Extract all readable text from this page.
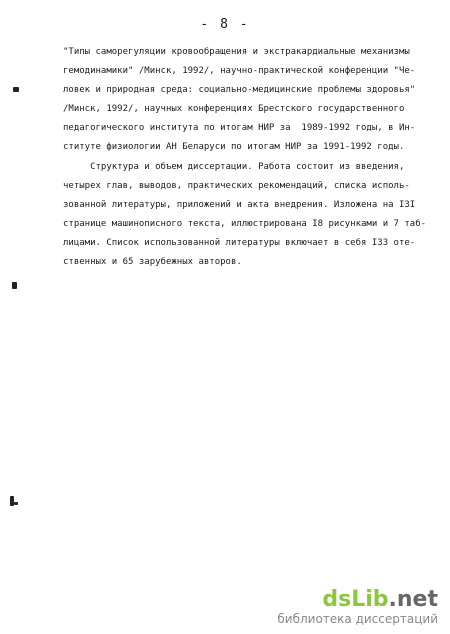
- 8 -
"Типы саморегуляции кровообращения и экстракардиальные механизмы
гемодинамики" /Минск, 1992/, научно-практической конференции "Че-
ловек и природная среда: социально-медицинские проблемы здоровья"
/Минск, 1992/, научных конференциях Брестского государственного
педагогического института по итогам НИР за  1989-1992 годы, в Ин-
ституте физиологии АН Беларуси по итогам НИР за 1991-1992 годы.
Структура и объем диссертации. Работа состоит из введения,
четырех глав, выводов, практических рекомендаций, списка исполь-
зованной литературы, приложений и акта внедрения. Изложена на I3I
странице машинописного текста, иллюстрирована I8 рисунками и 7 таб-
лицами. Список использованной литературы включает в себя I33 оте-
ственных и 65 зарубежных авторов.
dsLib.net
библиотека диссертаций
